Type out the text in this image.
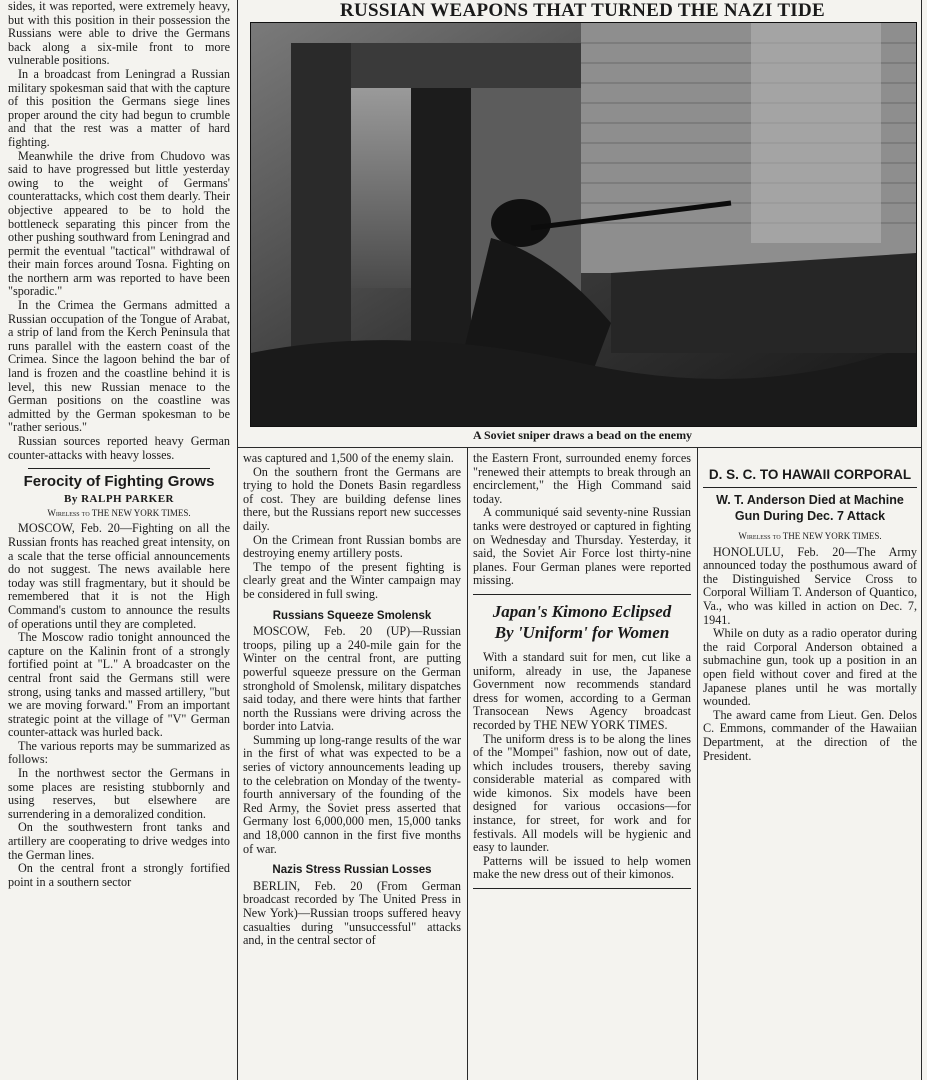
RUSSIAN WEAPONS THAT TURNED THE NAZI TIDE
A Soviet sniper draws a bead on the enemy

sides, it was reported, were extremely heavy, but with this position in their possession the Russians were able to drive the Germans back along a six-mile front to more vulnerable positions.

In a broadcast from Leningrad a Russian military spokesman said that with the capture of this position the Germans siege lines proper around the city had begun to crumble and that the rest was a matter of hard fighting.

Meanwhile the drive from Chudovo was said to have progressed but little yesterday owing to the weight of Germans' counterattacks, which cost them dearly. Their objective appeared to be to hold the bottleneck separating this pincer from the other pushing southward from Leningrad and permit the eventual "tactical" withdrawal of their main forces around Tosna. Fighting on the northern arm was reported to have been "sporadic."

In the Crimea the Germans admitted a Russian occupation of the Tongue of Arabat, a strip of land from the Kerch Peninsula that runs parallel with the eastern coast of the Crimea. Since the lagoon behind the bar of land is frozen and the coastline behind it is level, this new Russian menace to the German positions on the coastline was admitted by the German spokesman to be "rather serious."

Russian sources reported heavy German counter-attacks with heavy losses.

Ferocity of Fighting Grows
By RALPH PARKER
Wireless to THE NEW YORK TIMES.

MOSCOW, Feb. 20—Fighting on all the Russian fronts has reached great intensity, on a scale that the terse official announcements do not suggest. The news available here today was still fragmentary, but it should be remembered that it is not the High Command's custom to announce the results of operations until they are completed.

The Moscow radio tonight announced the capture on the Kalinin front of a strongly fortified point at "L." A broadcaster on the central front said the Germans still were strong, using tanks and massed artillery, "but we are moving forward." From an important strategic point at the village of "V" German counter-attack was hurled back.

The various reports may be summarized as follows:

In the northwest sector the Germans in some places are resisting stubbornly and using reserves, but elsewhere are surrendering in a demoralized condition.

On the southwestern front tanks and artillery are cooperating to drive wedges into the German lines.

On the central front a strongly fortified point in a southern sector

was captured and 1,500 of the enemy slain.

On the southern front the Germans are trying to hold the Donets Basin regardless of cost. They are building defense lines there, but the Russians report new successes daily.

On the Crimean front Russian bombs are destroying enemy artillery posts.

The tempo of the present fighting is clearly great and the Winter campaign may be considered in full swing.

Russians Squeeze Smolensk

MOSCOW, Feb. 20 (UP)—Russian troops, piling up a 240-mile gain for the Winter on the central front, are putting powerful squeeze pressure on the German stronghold of Smolensk, military dispatches said today, and there were hints that farther north the Russians were driving across the border into Latvia.

Summing up long-range results of the war in the first of what was expected to be a series of victory announcements leading up to the celebration on Monday of the twenty-fourth anniversary of the founding of the Red Army, the Soviet press asserted that Germany lost 6,000,000 men, 15,000 tanks and 18,000 cannon in the first five months of war.

Nazis Stress Russian Losses

BERLIN, Feb. 20 (From German broadcast recorded by The United Press in New York)—Russian troops suffered heavy casualties during "unsuccessful" attacks and, in the central sector of

the Eastern Front, surrounded enemy forces "renewed their attempts to break through an encirclement," the High Command said today.

A communiqué said seventy-nine Russian tanks were destroyed or captured in fighting on Wednesday and Thursday. Yesterday, it said, the Soviet Air Force lost thirty-nine planes. Four German planes were reported missing.

Japan's Kimono Eclipsed
By 'Uniform' for Women

With a standard suit for men, cut like a uniform, already in use, the Japanese Government now recommends standard dress for women, according to a German Transocean News Agency broadcast recorded by THE NEW YORK TIMES.

The uniform dress is to be along the lines of the "Mompei" fashion, now out of date, which includes trousers, thereby saving considerable material as compared with wide kimonos. Six models have been designed for various occasions—for instance, for street, for work and for festivals. All models will be hygienic and easy to launder.

Patterns will be issued to help women make the new dress out of their kimonos.

D. S. C. TO HAWAII CORPORAL
W. T. Anderson Died at Machine Gun During Dec. 7 Attack
Wireless to THE NEW YORK TIMES.

HONOLULU, Feb. 20—The Army announced today the posthumous award of the Distinguished Service Cross to Corporal William T. Anderson of Quantico, Va., who was killed in action on Dec. 7, 1941.

While on duty as a radio operator during the raid Corporal Anderson obtained a submachine gun, took up a position in an open field without cover and fired at the Japanese planes until he was mortally wounded.

The award came from Lieut. Gen. Delos C. Emmons, commander of the Hawaiian Department, at the direction of the President.
